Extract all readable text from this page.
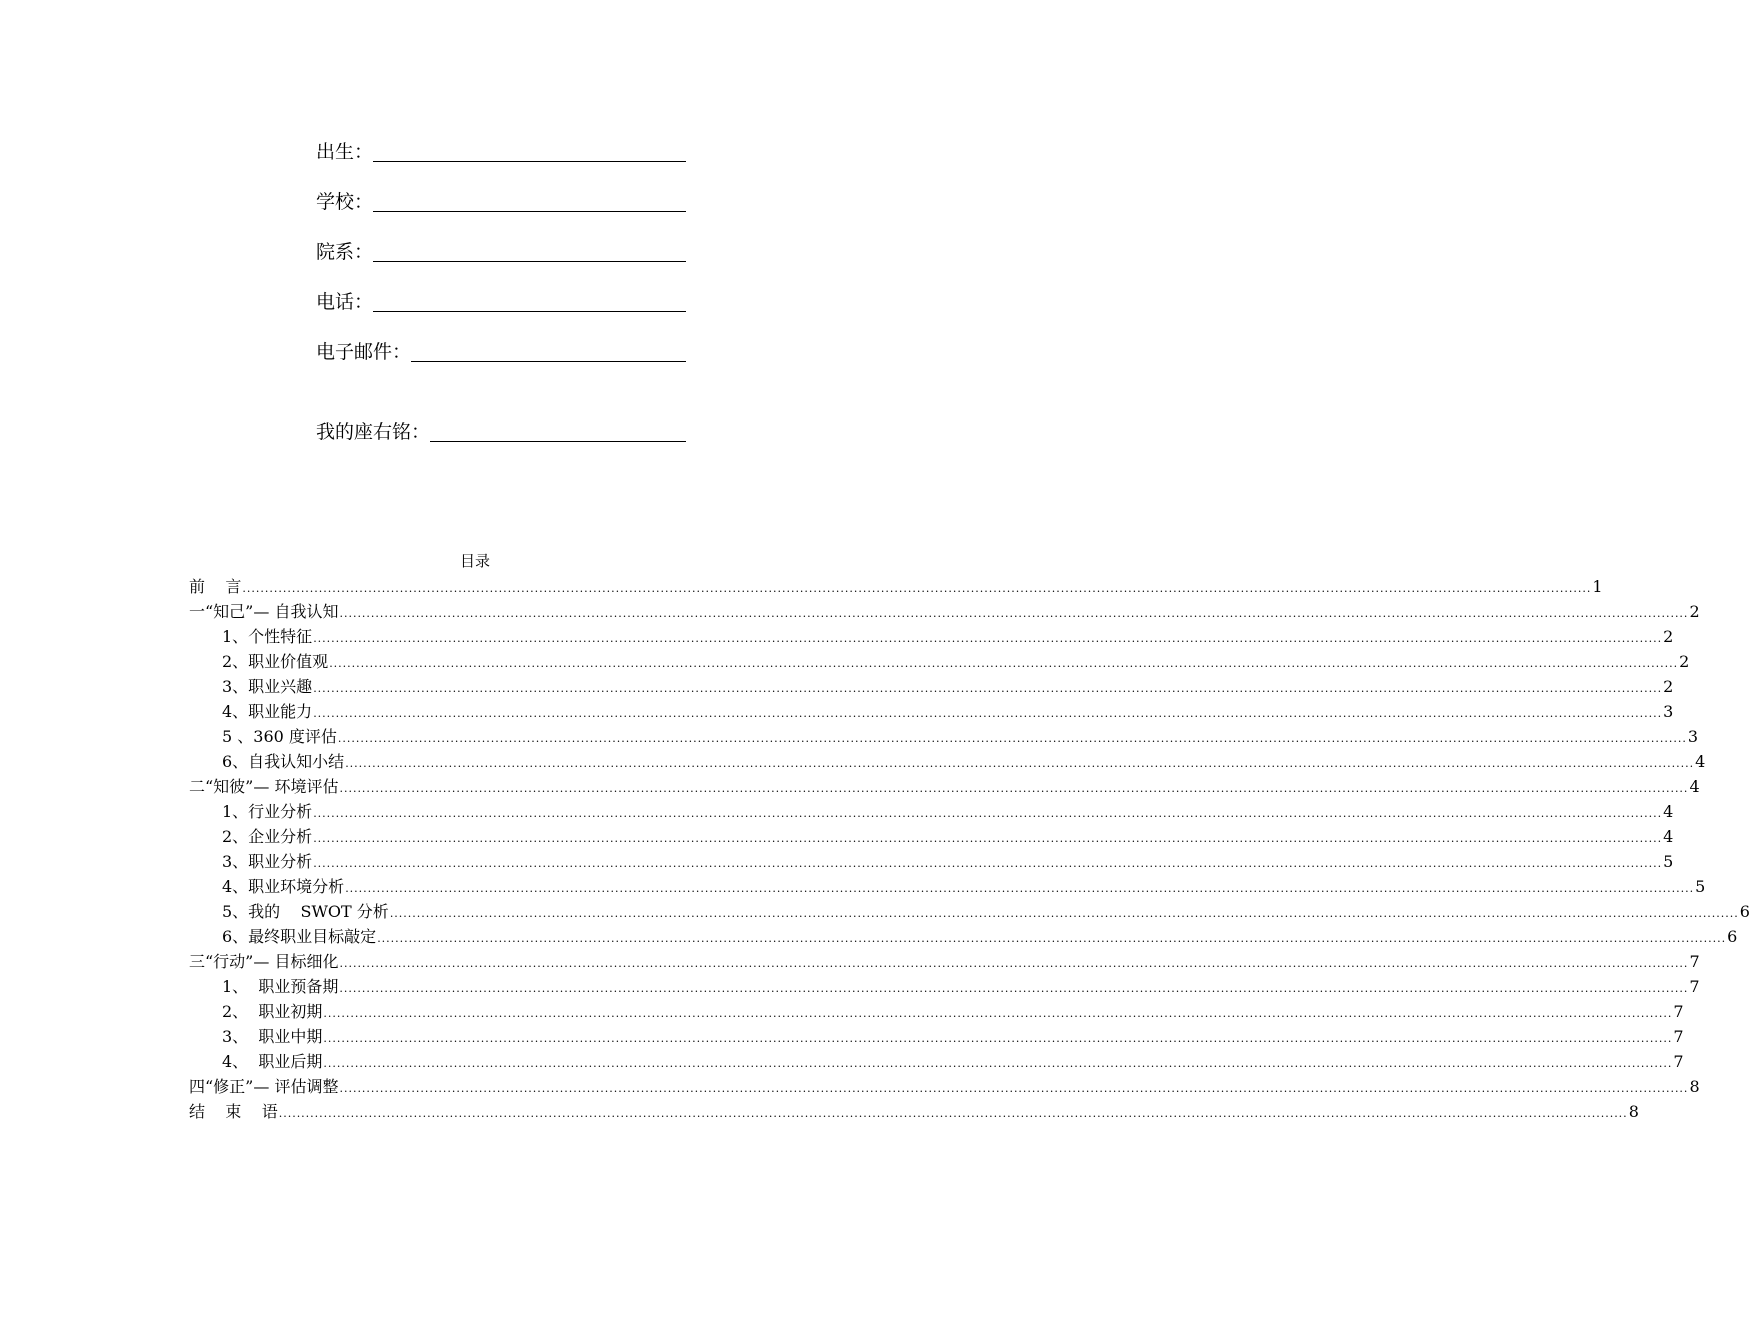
出生：
学校：
院系：
电话：
电子邮件：
我的座右铭：
目录
前    言 ............................................................................................................................................................................................................................................................................................................ 1
一“知己”— 自我认知 ............................................................................................................................................................................................................................................................................................................ 2
1、个性特征 ............................................................................................................................................................................................................................................................................................................ 2
2、职业价值观 ............................................................................................................................................................................................................................................................................................................ 2
3、职业兴趣 ............................................................................................................................................................................................................................................................................................................ 2
4、职业能力 ............................................................................................................................................................................................................................................................................................................ 3
5 、360 度评估 ............................................................................................................................................................................................................................................................................................................ 3
6、自我认知小结 ............................................................................................................................................................................................................................................................................................................ 4
二“知彼”— 环境评估 ............................................................................................................................................................................................................................................................................................................ 4
1、行业分析 ............................................................................................................................................................................................................................................................................................................ 4
2、企业分析 ............................................................................................................................................................................................................................................................................................................ 4
3、职业分析 ............................................................................................................................................................................................................................................................................................................ 5
4、职业环境分析 ............................................................................................................................................................................................................................................................................................................ 5
5、我的    SWOT 分析 ............................................................................................................................................................................................................................................................................................................ 6
6、最终职业目标敲定 ............................................................................................................................................................................................................................................................................................................ 6
三“行动”— 目标细化 ............................................................................................................................................................................................................................................................................................................ 7
1、  职业预备期 ............................................................................................................................................................................................................................................................................................................ 7
2、  职业初期 ............................................................................................................................................................................................................................................................................................................ 7
3、  职业中期 ............................................................................................................................................................................................................................................................................................................ 7
4、  职业后期 ............................................................................................................................................................................................................................................................................................................ 7
四“修正”— 评估调整 ............................................................................................................................................................................................................................................................................................................ 8
结    束    语 ............................................................................................................................................................................................................................................................................................................ 8
